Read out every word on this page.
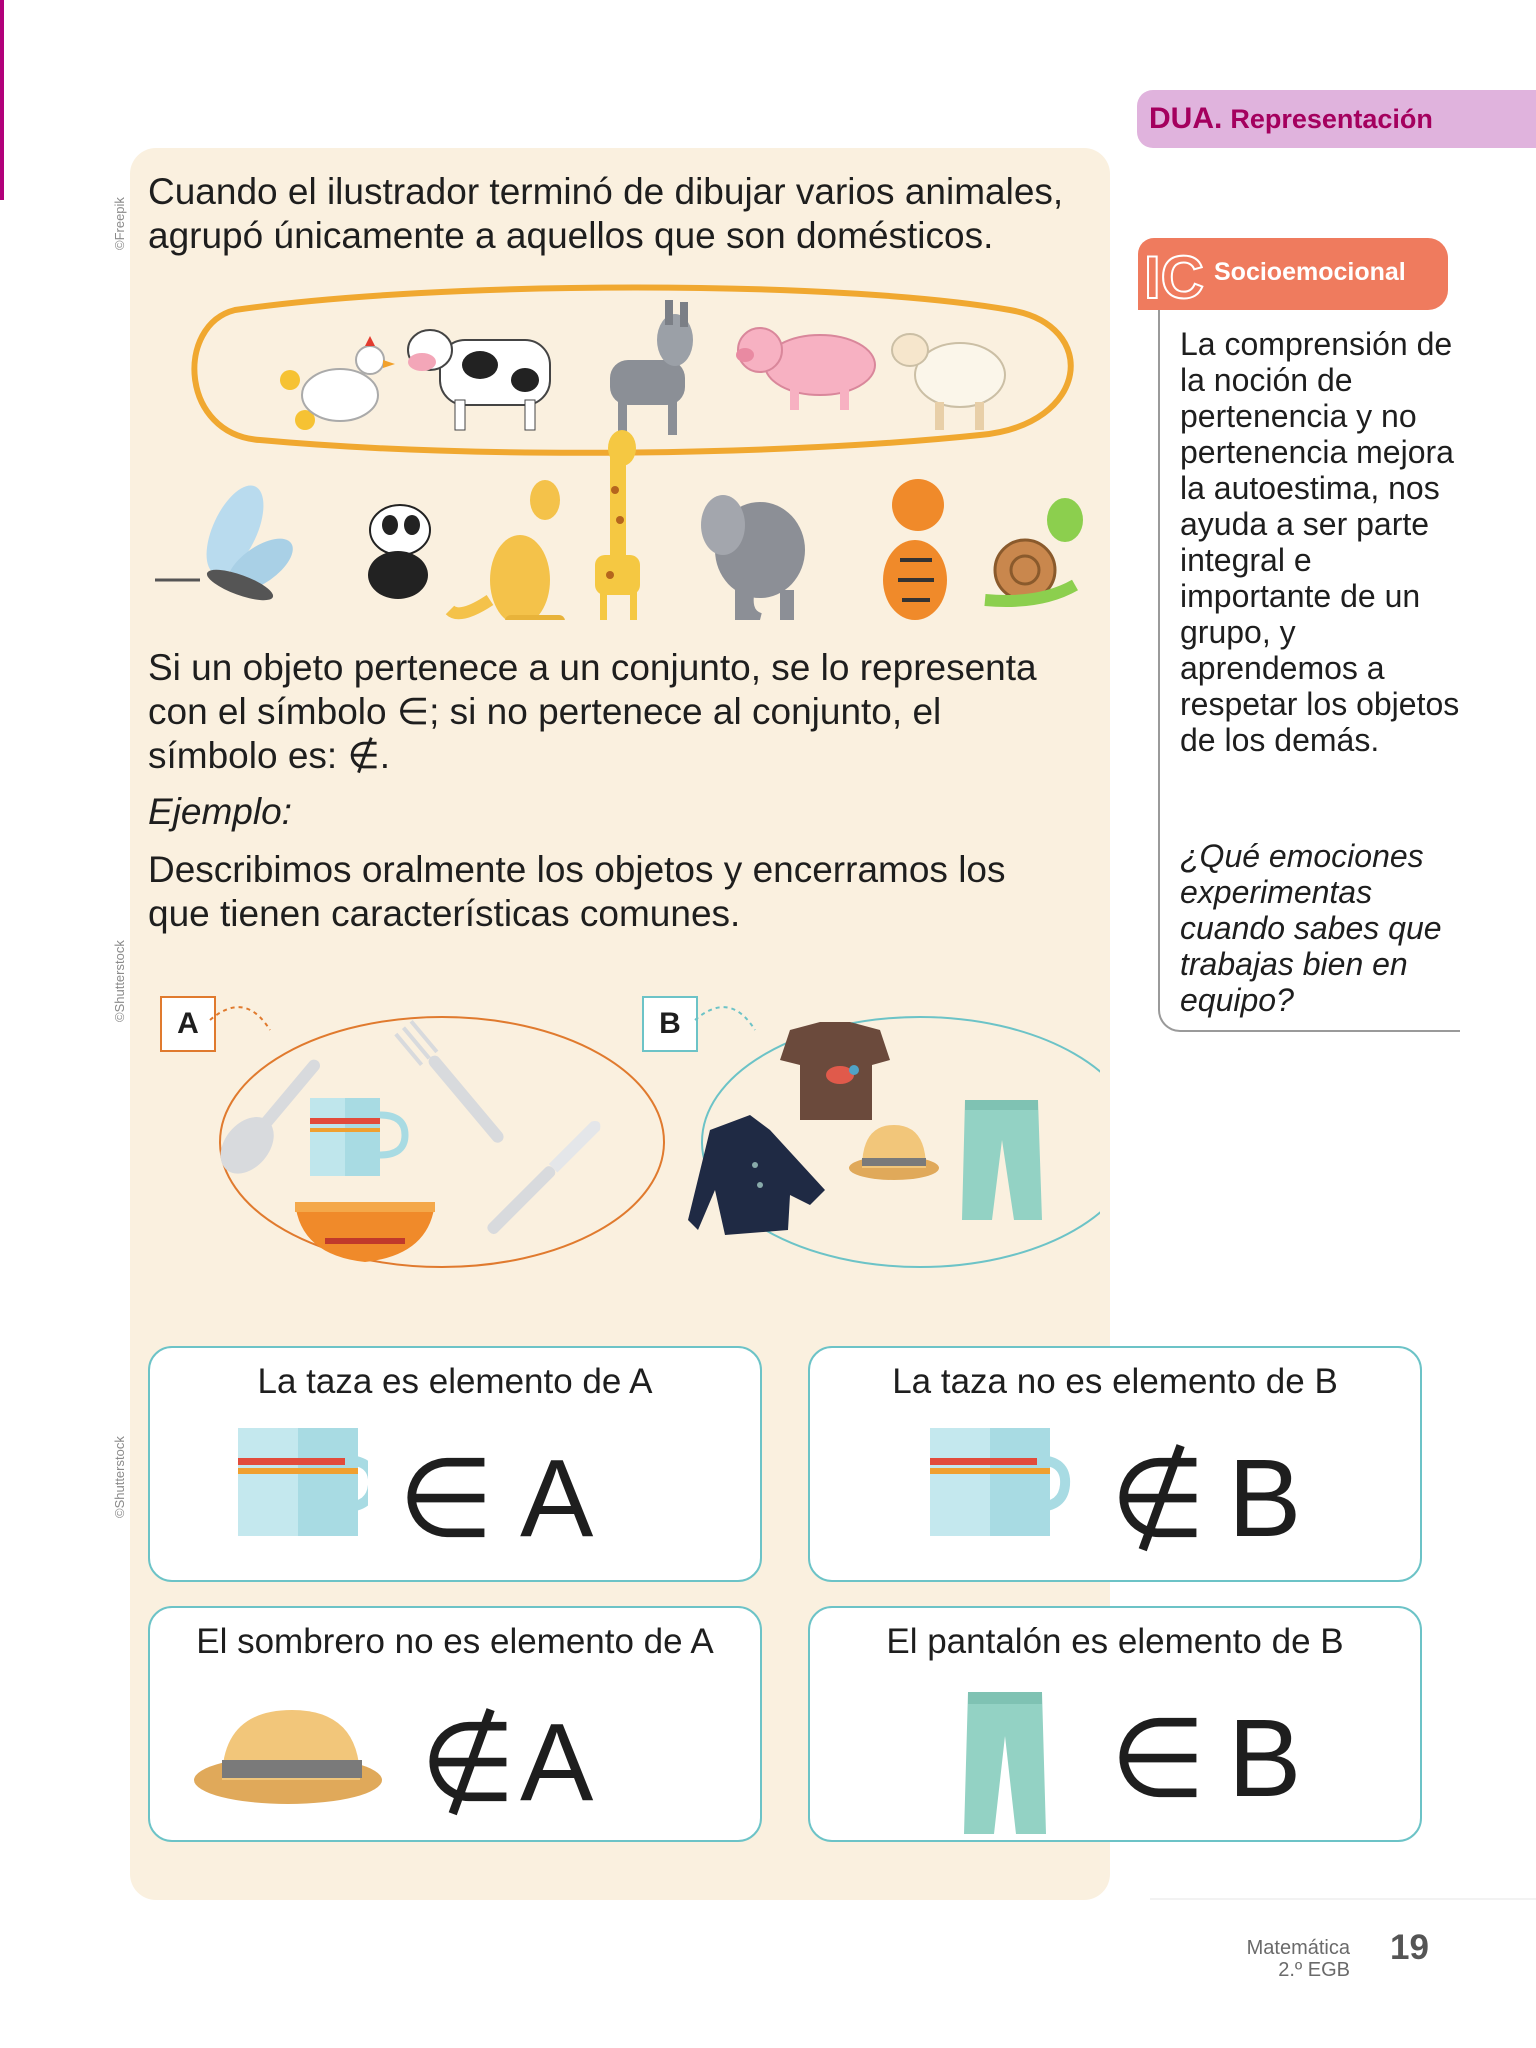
©Freepik
©Shutterstock
©Shutterstock
DUA. Representación
Cuando el ilustrador terminó de dibujar varios animales,
agrupó únicamente a aquellos que son domésticos.
Si un objeto pertenece a un conjunto, se lo representa
con el símbolo ∈; si no pertenece al conjunto, el
símbolo es: ∉.
Ejemplo:
Describimos oralmente los objetos y encerramos los
que tienen características comunes.
A	B
La taza es elemento de A
∈ A
La taza no es elemento de B
∉ B
El sombrero no es elemento de A
∉ A
El pantalón es elemento de B
∈ B
IC Socioemocional
La comprensión de la noción de pertenencia y no pertenencia mejora la autoestima, nos ayuda a ser parte integral e importante de un grupo, y aprendemos a respetar los objetos de los demás.
¿Qué emociones experimentas cuando sabes que trabajas bien en equipo?
Matemática
2.º EGB
19
